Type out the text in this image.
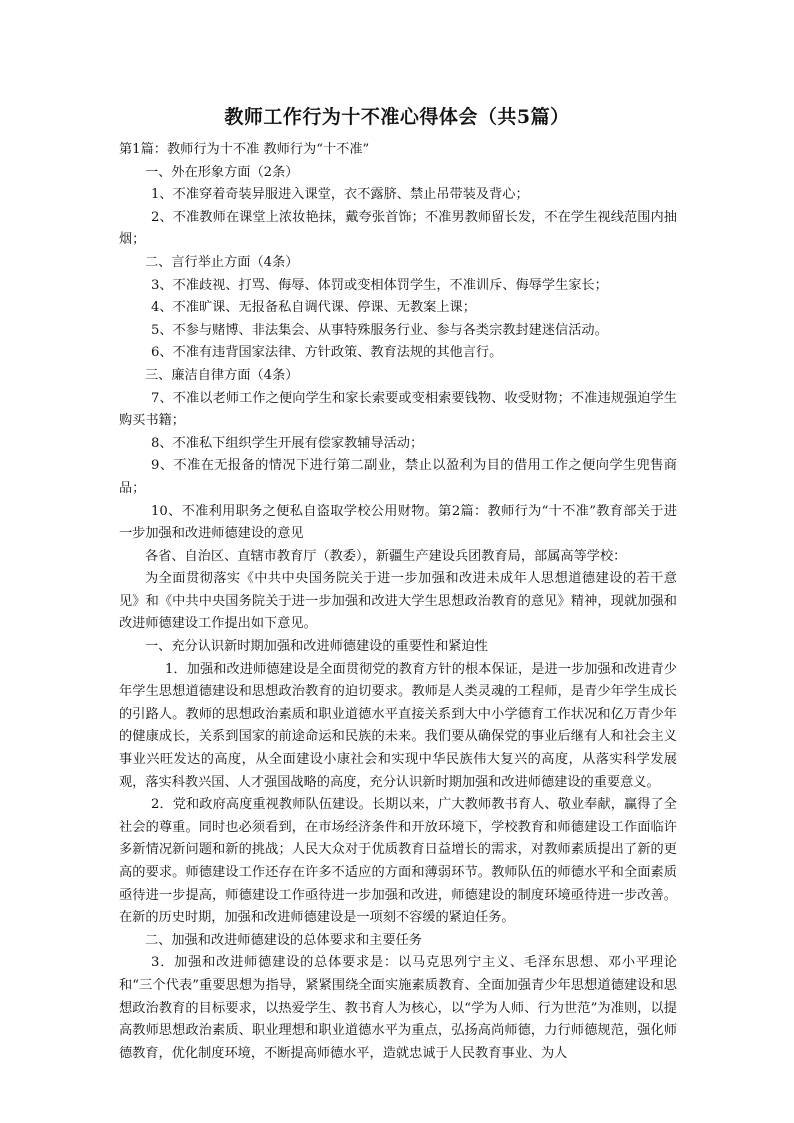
教师工作行为十不准心得体会（共5篇）

第1篇：教师行为十不准 教师行为“十不准”

一、外在形象方面（2条）

1、不准穿着奇装异服进入课堂，衣不露脐、禁止吊带装及背心；

2、不准教师在课堂上浓妆艳抹，戴夸张首饰；不准男教师留长发，不在学生视线范围内抽烟；

二、言行举止方面（4条）

3、不准歧视、打骂、侮辱、体罚或变相体罚学生，不准训斥、侮辱学生家长；

4、不准旷课、无报备私自调代课、停课、无教案上课；

5、不参与赌博、非法集会、从事特殊服务行业、参与各类宗教封建迷信活动。

6、不准有违背国家法律、方针政策、教育法规的其他言行。

三、廉洁自律方面（4条）

7、不准以老师工作之便向学生和家长索要或变相索要钱物、收受财物；不准违规强迫学生购买书籍；

8、不准私下组织学生开展有偿家教辅导活动；

9、不准在无报备的情况下进行第二副业，禁止以盈利为目的借用工作之便向学生兜售商品；

10、不准利用职务之便私自盗取学校公用财物。第2篇：教师行为“十不准”教育部关于进一步加强和改进师德建设的意见

各省、自治区、直辖市教育厅（教委），新疆生产建设兵团教育局，部属高等学校：

为全面贯彻落实《中共中央国务院关于进一步加强和改进未成年人思想道德建设的若干意见》和《中共中央国务院关于进一步加强和改进大学生思想政治教育的意见》精神，现就加强和改进师德建设工作提出如下意见。

一、充分认识新时期加强和改进师德建设的重要性和紧迫性

1．加强和改进师德建设是全面贯彻党的教育方针的根本保证，是进一步加强和改进青少年学生思想道德建设和思想政治教育的迫切要求。教师是人类灵魂的工程师，是青少年学生成长的引路人。教师的思想政治素质和职业道德水平直接关系到大中小学德育工作状况和亿万青少年的健康成长，关系到国家的前途命运和民族的未来。我们要从确保党的事业后继有人和社会主义事业兴旺发达的高度，从全面建设小康社会和实现中华民族伟大复兴的高度，从落实科学发展观，落实科教兴国、人才强国战略的高度，充分认识新时期加强和改进师德建设的重要意义。

2．党和政府高度重视教师队伍建设。长期以来，广大教师教书育人、敬业奉献，赢得了全社会的尊重。同时也必须看到，在市场经济条件和开放环境下，学校教育和师德建设工作面临许多新情况新问题和新的挑战；人民大众对于优质教育日益增长的需求，对教师素质提出了新的更高的要求。师德建设工作还存在许多不适应的方面和薄弱环节。教师队伍的师德水平和全面素质亟待进一步提高，师德建设工作亟待进一步加强和改进，师德建设的制度环境亟待进一步改善。在新的历史时期，加强和改进师德建设是一项刻不容缓的紧迫任务。

二、加强和改进师德建设的总体要求和主要任务

3．加强和改进师德建设的总体要求是：以马克思列宁主义、毛泽东思想、邓小平理论和“三个代表”重要思想为指导，紧紧围绕全面实施素质教育、全面加强青少年思想道德建设和思想政治教育的目标要求，以热爱学生、教书育人为核心，以“学为人师、行为世范”为准则，以提高教师思想政治素质、职业理想和职业道德水平为重点，弘扬高尚师德，力行师德规范，强化师德教育，优化制度环境，不断提高师德水平，造就忠诚于人民教育事业、为人
